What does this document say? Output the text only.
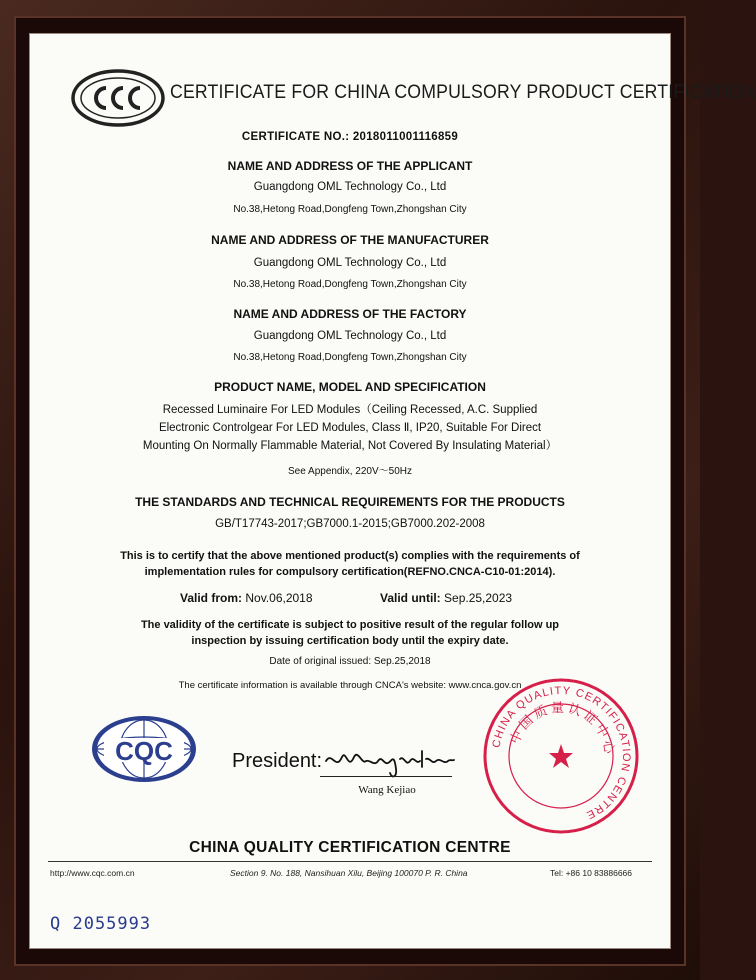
CERTIFICATE FOR CHINA COMPULSORY PRODUCT CERTIFICATION
CERTIFICATE NO.: 2018011001116859
NAME AND ADDRESS OF THE APPLICANT
Guangdong OML Technology Co., Ltd
No.38,Hetong Road,Dongfeng Town,Zhongshan City
NAME AND ADDRESS OF THE MANUFACTURER
Guangdong OML Technology Co., Ltd
No.38,Hetong Road,Dongfeng Town,Zhongshan City
NAME AND ADDRESS OF THE FACTORY
Guangdong OML Technology Co., Ltd
No.38,Hetong Road,Dongfeng Town,Zhongshan City
PRODUCT NAME, MODEL AND SPECIFICATION
Recessed Luminaire For LED Modules（Ceiling Recessed, A.C. Supplied
Electronic Controlgear For LED Modules, Class Ⅱ, IP20, Suitable For Direct
Mounting On Normally Flammable Material, Not Covered By Insulating Material）
See Appendix, 220V～50Hz
THE STANDARDS AND TECHNICAL REQUIREMENTS FOR THE PRODUCTS
GB/T17743-2017;GB7000.1-2015;GB7000.202-2008
This is to certify that the above mentioned product(s) complies with the requirements of
implementation rules for compulsory certification(REFNO.CNCA-C10-01:2014).
Valid from: Nov.06,2018	Valid until: Sep.25,2023
The validity of the certificate is subject to positive result of the regular follow up
inspection by issuing certification body until the expiry date.
Date of original issued: Sep.25,2018
The certificate information is available through CNCA's website: www.cnca.gov.cn
CQC	President:
Wang Kejiao
CHINA QUALITY CERTIFICATION CENTRE
中国质量认证中心
CHINA QUALITY CERTIFICATION CENTRE
http://www.cqc.com.cn	Section 9. No. 188, Nansihuan Xilu, Beijing 100070 P. R. China	Tel: +86 10 83886666
Q 2055993
